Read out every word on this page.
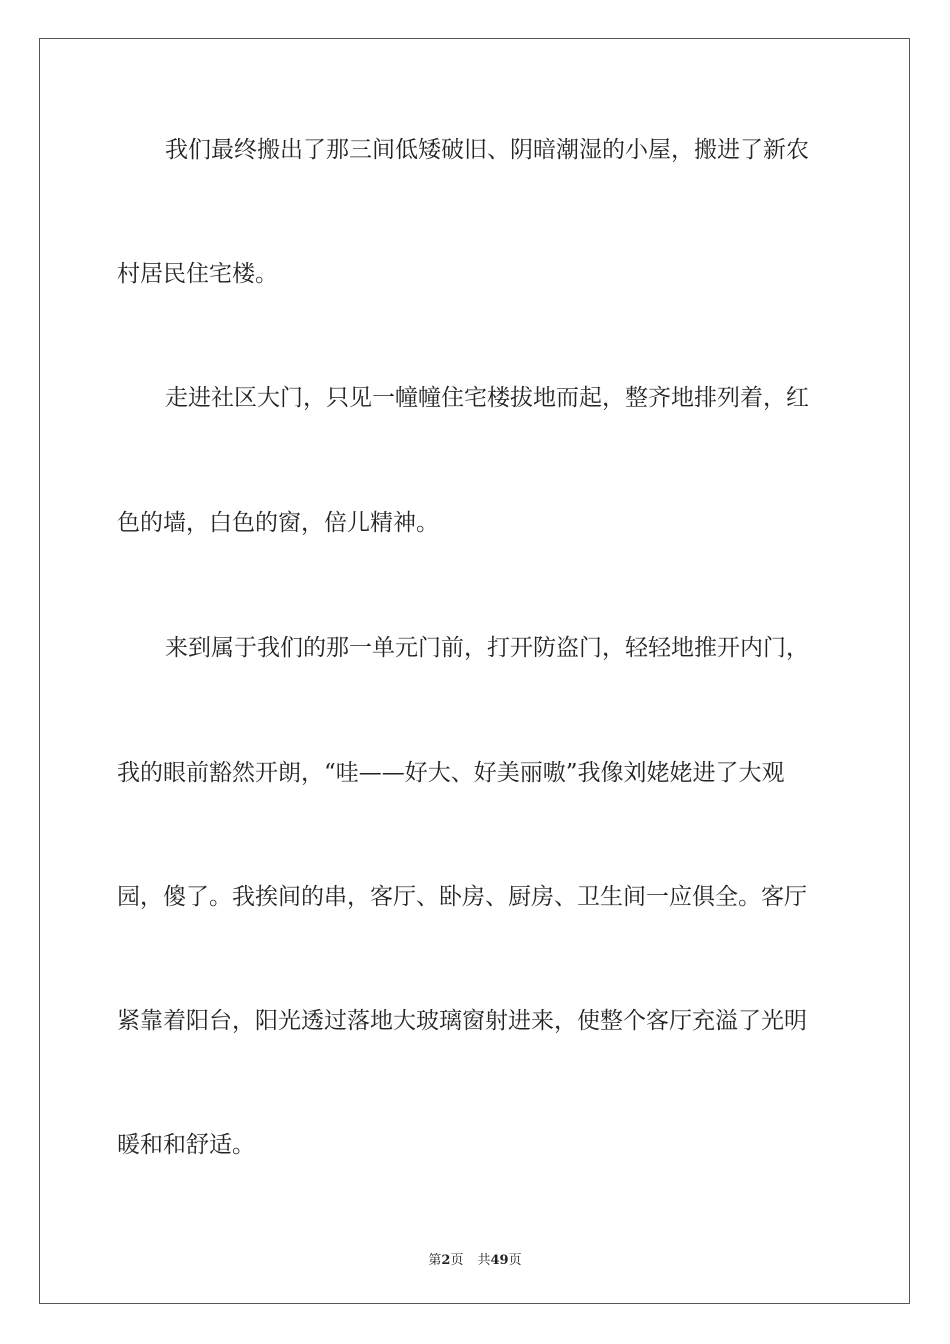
我们最终搬出了那三间低矮破旧、阴暗潮湿的小屋，搬进了新农
村居民住宅楼。
走进社区大门，只见一幢幢住宅楼拔地而起，整齐地排列着，红
色的墙，白色的窗，倍儿精神。
来到属于我们的那一单元门前，打开防盗门，轻轻地推开内门，
我的眼前豁然开朗，“哇——好大、好美丽嗷”我像刘姥姥进了大观
园，傻了。我挨间的串，客厅、卧房、厨房、卫生间一应俱全。客厅
紧靠着阳台，阳光透过落地大玻璃窗射进来，使整个客厅充溢了光明
暖和和舒适。
第2页 共49页
